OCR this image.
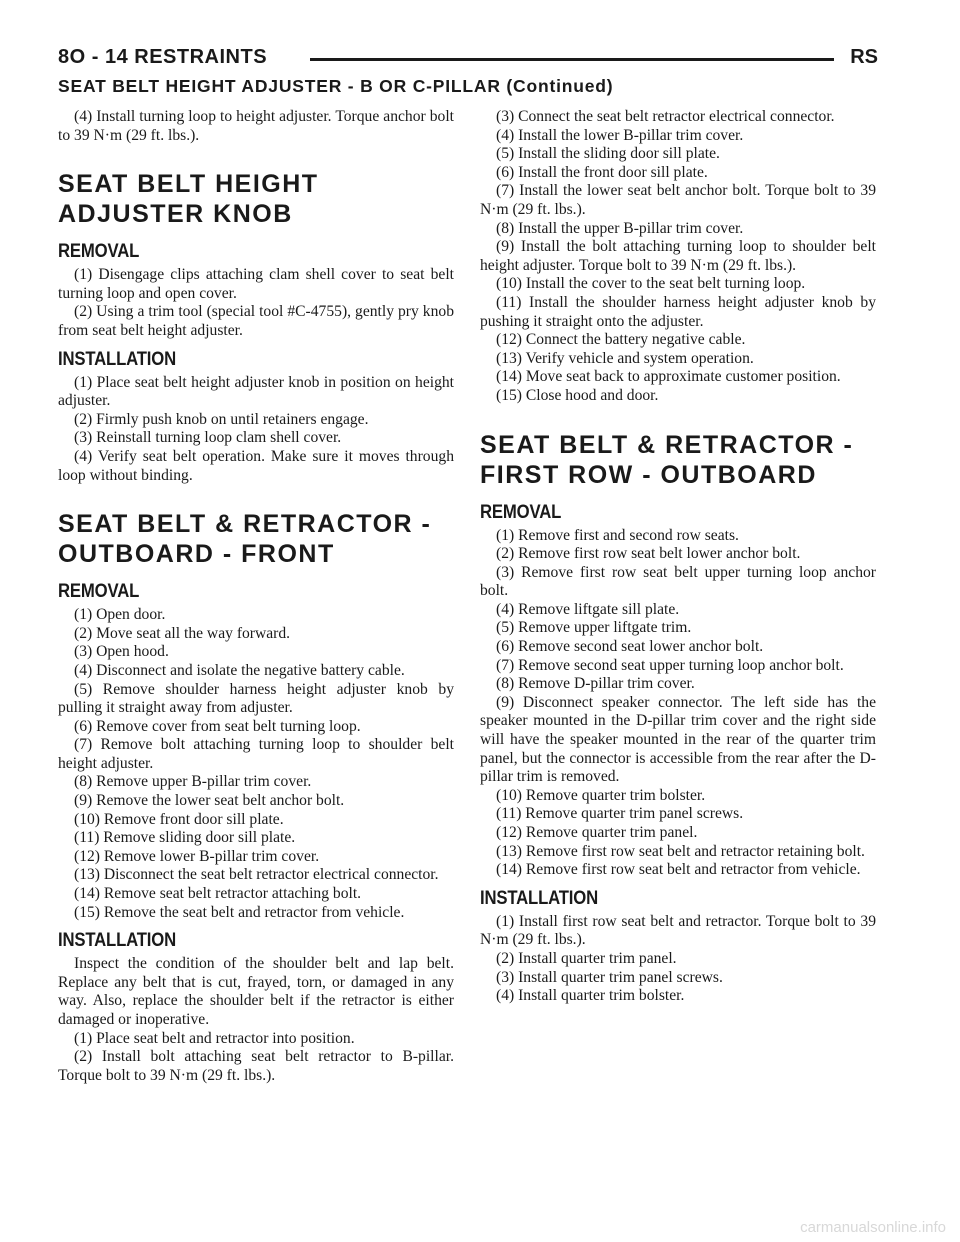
8O - 14 RESTRAINTS	RS
SEAT BELT HEIGHT ADJUSTER - B OR C-PILLAR (Continued)

(4) Install turning loop to height adjuster. Torque anchor bolt to 39 N·m (29 ft. lbs.).

SEAT BELT HEIGHT
ADJUSTER KNOB
REMOVAL

(1) Disengage clips attaching clam shell cover to seat belt turning loop and open cover.

(2) Using a trim tool (special tool #C-4755), gently pry knob from seat belt height adjuster.

INSTALLATION

(1) Place seat belt height adjuster knob in position on height adjuster.

(2) Firmly push knob on until retainers engage.

(3) Reinstall turning loop clam shell cover.

(4) Verify seat belt operation. Make sure it moves through loop without binding.

SEAT BELT & RETRACTOR -
OUTBOARD - FRONT
REMOVAL

(1) Open door.

(2) Move seat all the way forward.

(3) Open hood.

(4) Disconnect and isolate the negative battery cable.

(5) Remove shoulder harness height adjuster knob by pulling it straight away from adjuster.

(6) Remove cover from seat belt turning loop.

(7) Remove bolt attaching turning loop to shoulder belt height adjuster.

(8) Remove upper B-pillar trim cover.

(9) Remove the lower seat belt anchor bolt.

(10) Remove front door sill plate.

(11) Remove sliding door sill plate.

(12) Remove lower B-pillar trim cover.

(13) Disconnect the seat belt retractor electrical connector.

(14) Remove seat belt retractor attaching bolt.

(15) Remove the seat belt and retractor from vehicle.

INSTALLATION

Inspect the condition of the shoulder belt and lap belt. Replace any belt that is cut, frayed, torn, or damaged in any way. Also, replace the shoulder belt if the retractor is either damaged or inoperative.

(1) Place seat belt and retractor into position.

(2) Install bolt attaching seat belt retractor to B-pillar. Torque bolt to 39 N·m (29 ft. lbs.).

(3) Connect the seat belt retractor electrical connector.

(4) Install the lower B-pillar trim cover.

(5) Install the sliding door sill plate.

(6) Install the front door sill plate.

(7) Install the lower seat belt anchor bolt. Torque bolt to 39 N·m (29 ft. lbs.).

(8) Install the upper B-pillar trim cover.

(9) Install the bolt attaching turning loop to shoulder belt height adjuster. Torque bolt to 39 N·m (29 ft. lbs.).

(10) Install the cover to the seat belt turning loop.

(11) Install the shoulder harness height adjuster knob by pushing it straight onto the adjuster.

(12) Connect the battery negative cable.

(13) Verify vehicle and system operation.

(14) Move seat back to approximate customer position.

(15) Close hood and door.

SEAT BELT & RETRACTOR -
FIRST ROW - OUTBOARD
REMOVAL

(1) Remove first and second row seats.

(2) Remove first row seat belt lower anchor bolt.

(3) Remove first row seat belt upper turning loop anchor bolt.

(4) Remove liftgate sill plate.

(5) Remove upper liftgate trim.

(6) Remove second seat lower anchor bolt.

(7) Remove second seat upper turning loop anchor bolt.

(8) Remove D-pillar trim cover.

(9) Disconnect speaker connector. The left side has the speaker mounted in the D-pillar trim cover and the right side will have the speaker mounted in the rear of the quarter trim panel, but the connector is accessible from the rear after the D-pillar trim is removed.

(10) Remove quarter trim bolster.

(11) Remove quarter trim panel screws.

(12) Remove quarter trim panel.

(13) Remove first row seat belt and retractor retaining bolt.

(14) Remove first row seat belt and retractor from vehicle.

INSTALLATION

(1) Install first row seat belt and retractor. Torque bolt to 39 N·m (29 ft. lbs.).

(2) Install quarter trim panel.

(3) Install quarter trim panel screws.

(4) Install quarter trim bolster.

carmanualsonline.info
